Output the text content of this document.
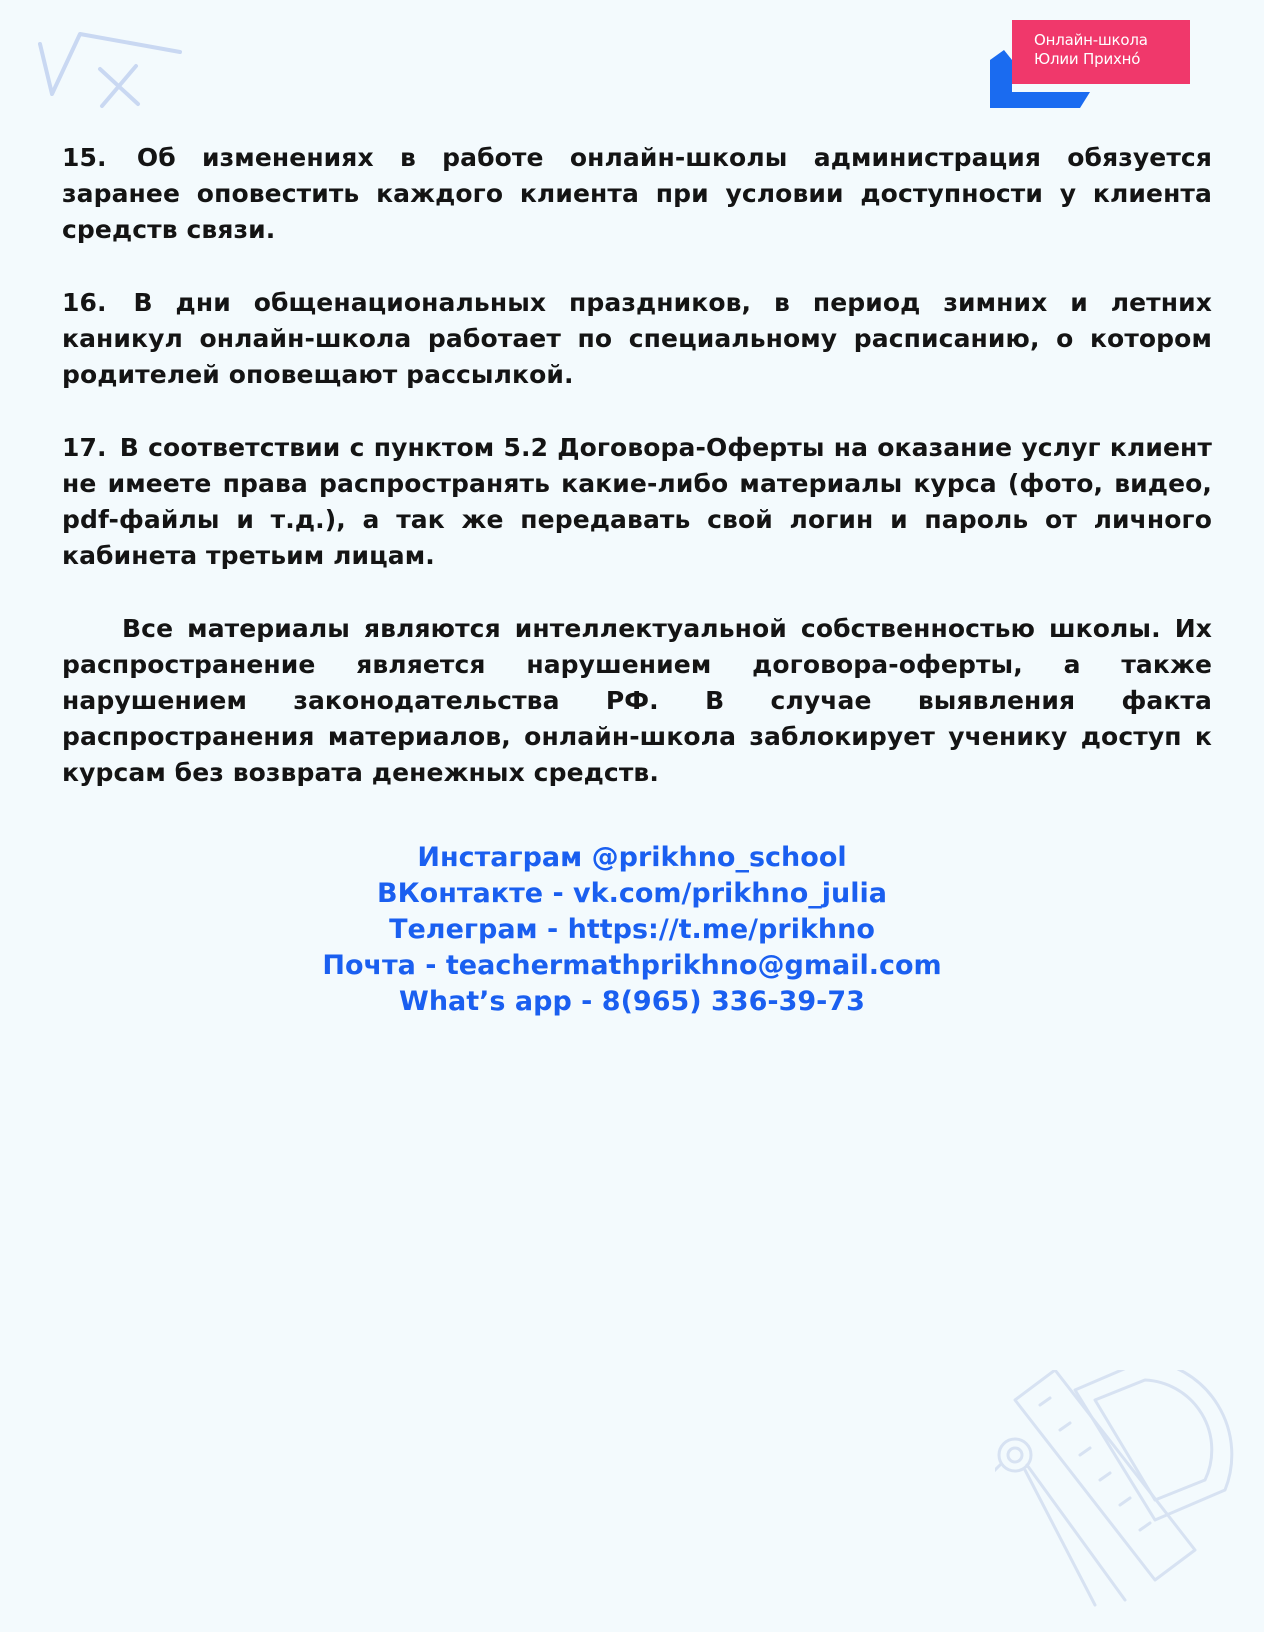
Онлайн-школа
Юлии Прихнó

15. Об изменениях в работе онлайн-школы администрация обязуется заранее оповестить каждого клиента при условии доступности у клиента средств связи.

16. В дни общенациональных праздников, в период зимних и летних каникул онлайн-школа работает по специальному расписанию, о котором родителей оповещают рассылкой.

17. В соответствии с пунктом 5.2 Договора-Оферты на оказание услуг клиент не имеете права распространять какие-либо материалы курса (фото, видео, pdf-файлы и т.д.), а так же передавать свой логин и пароль от личного кабинета третьим лицам.

Все материалы являются интеллектуальной собственностью школы. Их распространение является нарушением договора-оферты, а также нарушением законодательства РФ. В случае выявления факта распространения материалов, онлайн-школа заблокирует ученику доступ к курсам без возврата денежных средств.

Инстаграм @prikhno_school
ВКонтакте - vk.com/prikhno_julia
Телеграм - https://t.me/prikhno
Почта - teachermathprikhno@gmail.com
What’s app - 8(965) 336-39-73
